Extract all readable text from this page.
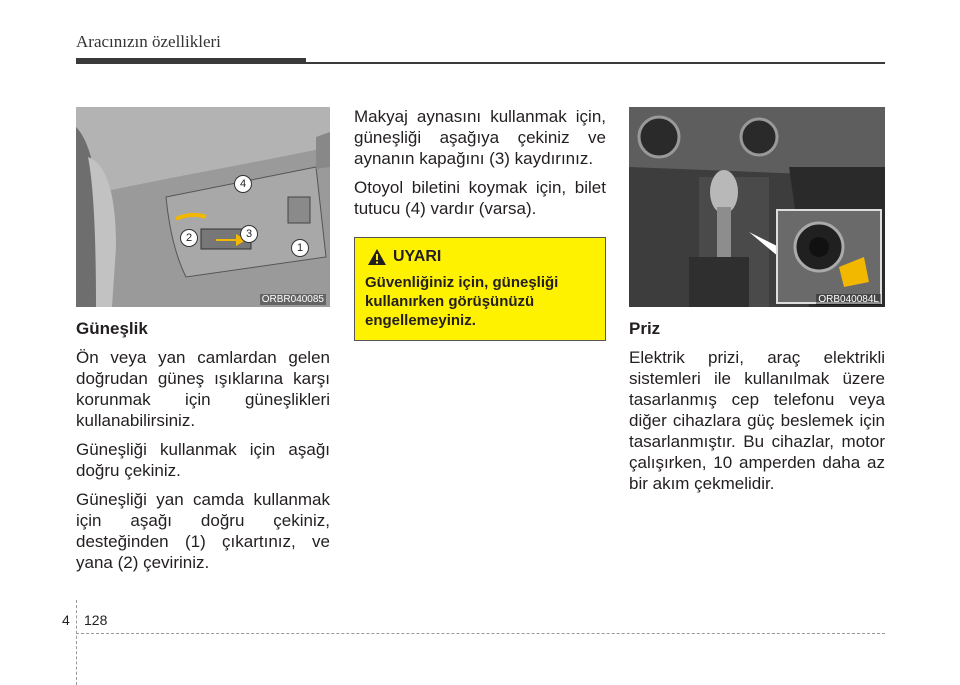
Aracınızın özellikleri
1
2	3
4
ORBR040085
Güneşlik

Ön veya yan camlardan gelen doğrudan güneş ışıklarına karşı korunmak için güneşlikleri kullanabilirsiniz.

Güneşliği kullanmak için aşağı doğru çekiniz.

Güneşliği yan camda kullanmak için aşağı doğru çekiniz, desteğinden (1) çıkartınız, ve yana (2) çeviriniz.

Makyaj aynasını kullanmak için, güneşliği aşağıya çekiniz ve aynanın kapağını (3) kaydırınız.

Otoyol biletini koymak için, bilet tutucu (4) vardır (varsa).

UYARI
Güvenliğiniz için, güneşliği kullanırken görüşünüzü engellemeyiniz.
ORB040084L
Priz

Elektrik prizi, araç elektrikli sistemleri ile kullanılmak üzere tasarlanmış cep telefonu veya diğer cihazlara güç beslemek için tasarlanmıştır. Bu cihazlar, motor çalışırken, 10 amperden daha az bir akım çekmelidir.

4 128
